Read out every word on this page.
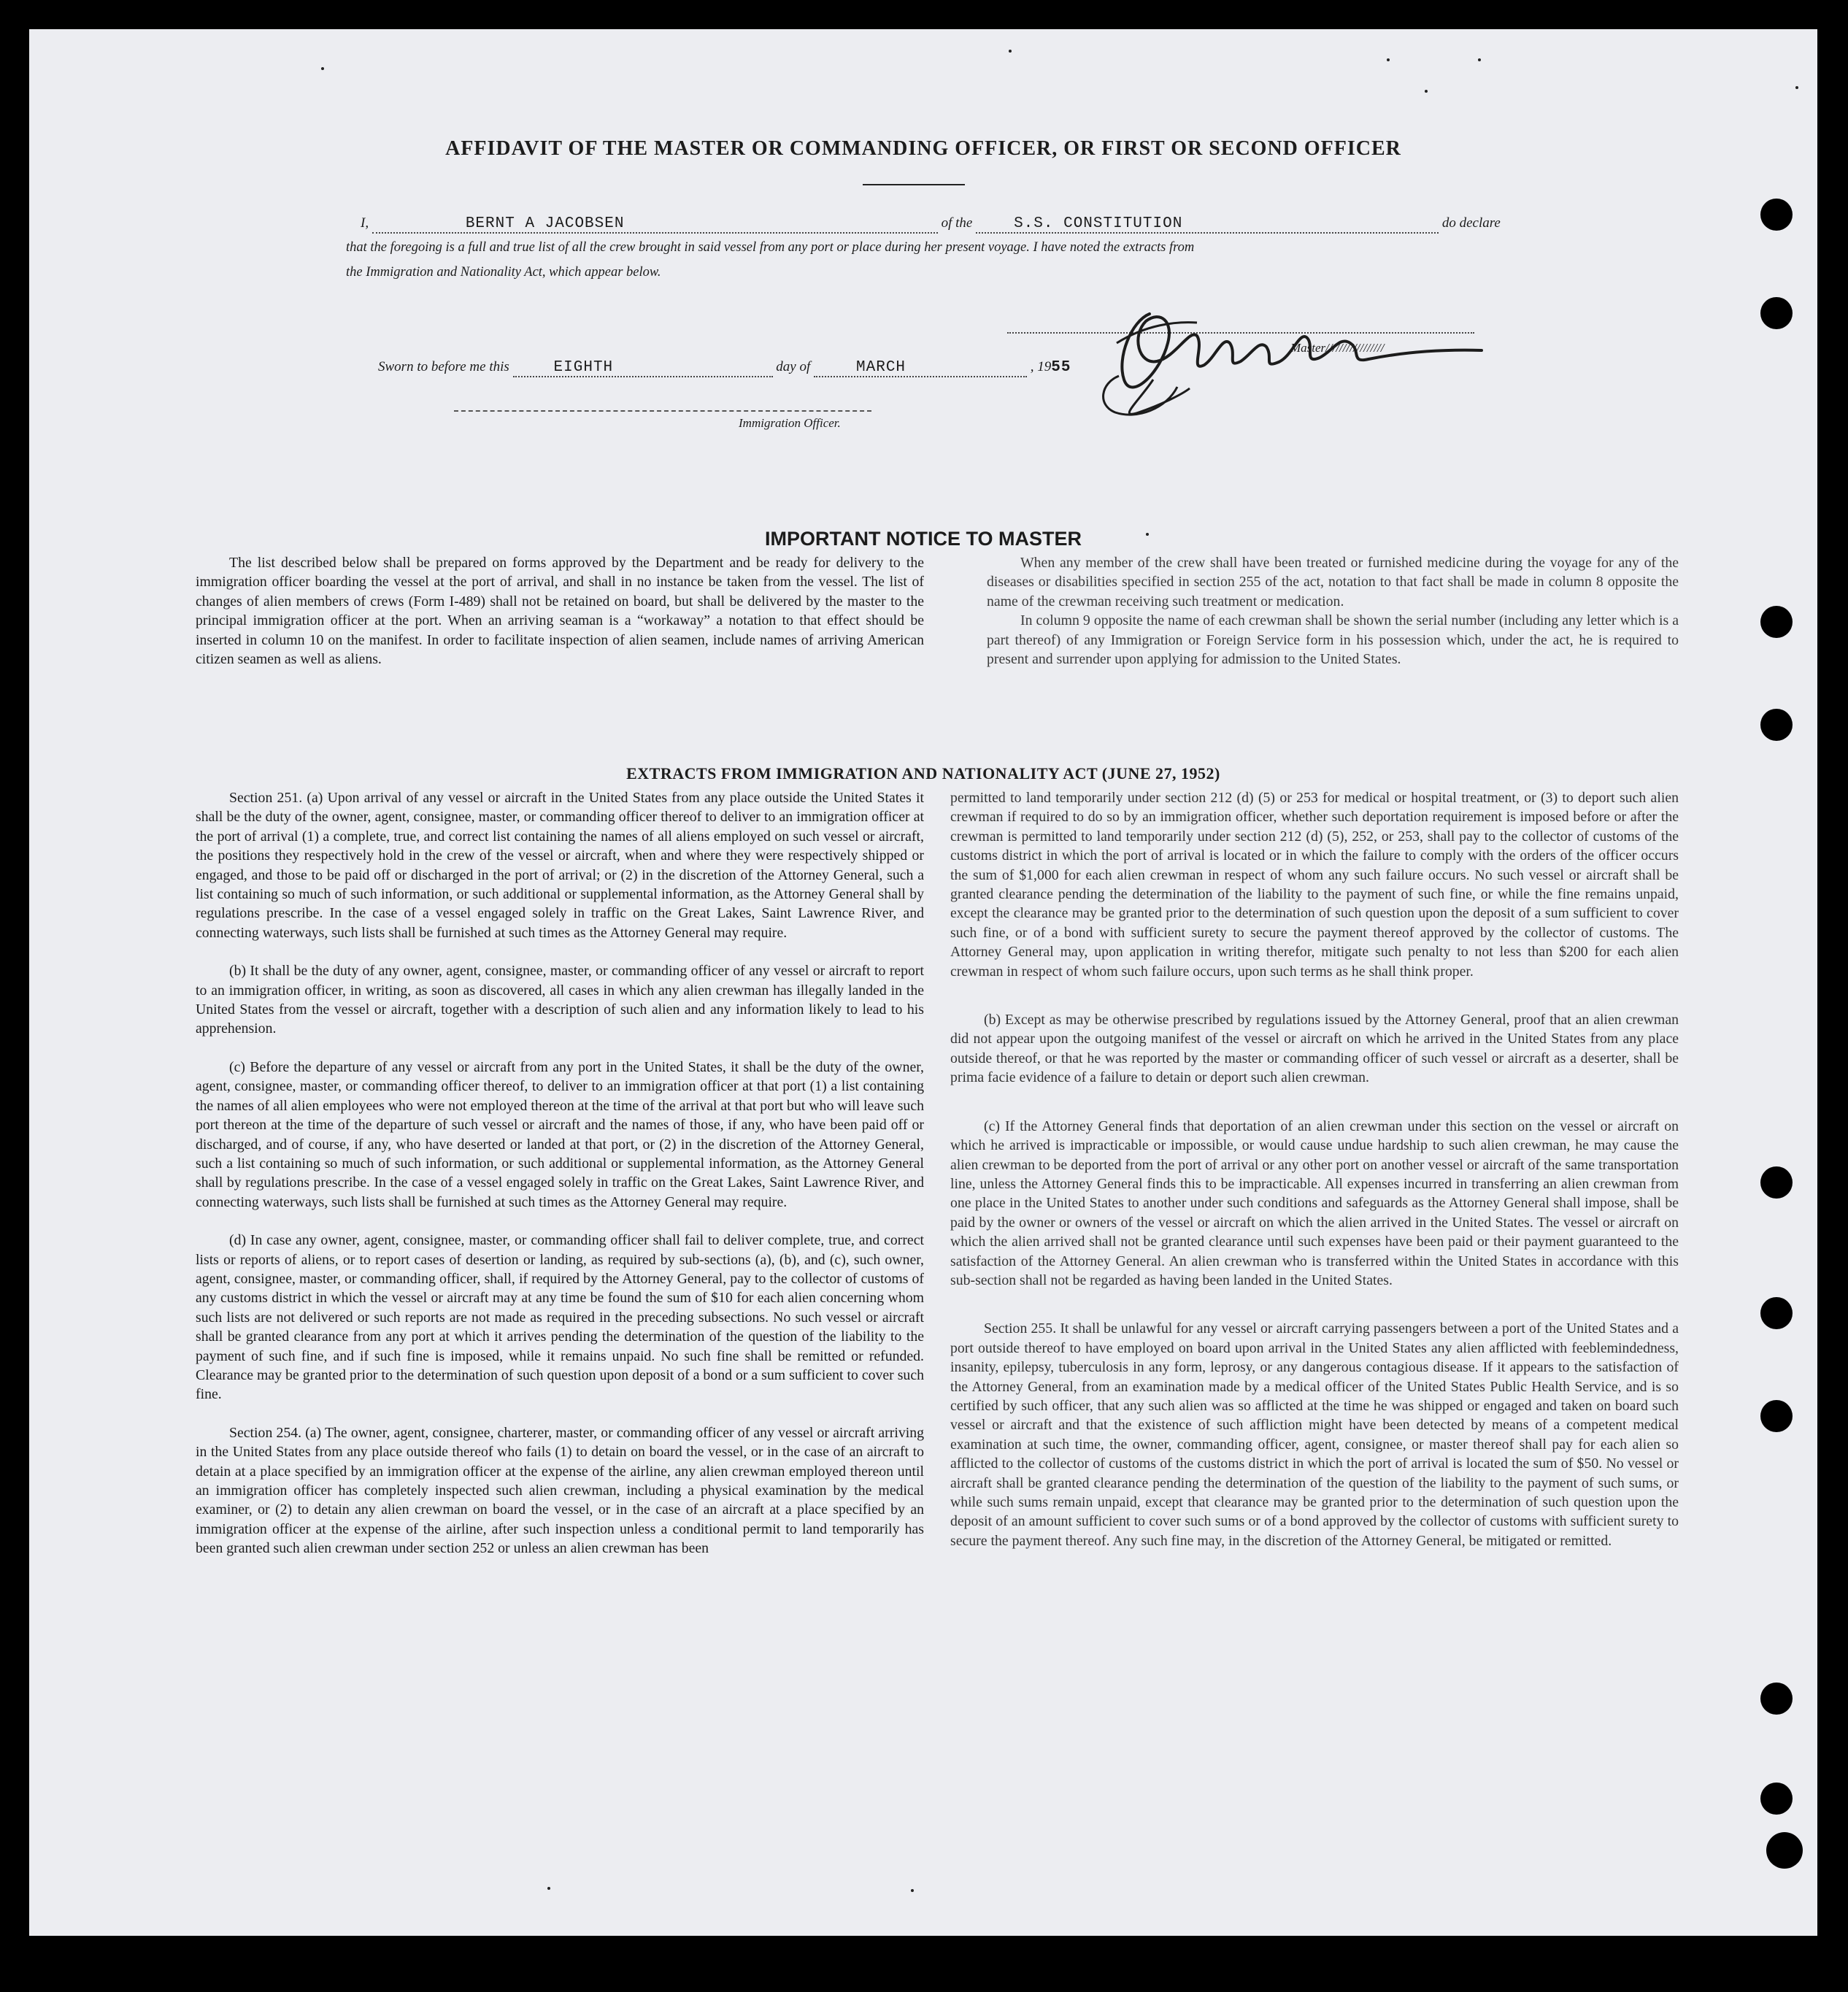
AFFIDAVIT OF THE MASTER OR COMMANDING OFFICER, OR FIRST OR SECOND OFFICER
I,	BERNT A JACOBSEN	of the	S.S. CONSTITUTION	do declare
that the foregoing is a full and true list of all the crew brought in said vessel from any port or place during her present voyage. I have noted the extracts from
the Immigration and Nationality Act, which appear below.
Master/////////////////
Sworn to before me this	EIGHTH	day of	MARCH	, 1955
Immigration Officer.
IMPORTANT NOTICE TO MASTER

The list described below shall be prepared on forms approved by the Department and be ready for delivery to the immigration officer boarding the vessel at the port of arrival, and shall in no instance be taken from the vessel. The list of changes of alien members of crews (Form I-489) shall not be retained on board, but shall be delivered by the master to the principal immigration officer at the port. When an arriving seaman is a “workaway” a notation to that effect should be inserted in column 10 on the manifest. In order to facilitate inspection of alien seamen, include names of arriving American citizen seamen as well as aliens.

When any member of the crew shall have been treated or furnished medicine during the voyage for any of the diseases or disabilities specified in section 255 of the act, notation to that fact shall be made in column 8 opposite the name of the crewman receiving such treatment or medication.

In column 9 opposite the name of each crewman shall be shown the serial number (including any letter which is a part thereof) of any Immigration or Foreign Service form in his possession which, under the act, he is required to present and surrender upon applying for admission to the United States.

EXTRACTS FROM IMMIGRATION AND NATIONALITY ACT (JUNE 27, 1952)

Section 251. (a) Upon arrival of any vessel or aircraft in the United States from any place outside the United States it shall be the duty of the owner, agent, consignee, master, or commanding officer thereof to deliver to an immigration officer at the port of arrival (1) a complete, true, and correct list containing the names of all aliens employed on such vessel or aircraft, the positions they respectively hold in the crew of the vessel or aircraft, when and where they were respectively shipped or engaged, and those to be paid off or discharged in the port of arrival; or (2) in the discretion of the Attorney General, such a list containing so much of such information, or such additional or supplemental information, as the Attorney General shall by regulations prescribe. In the case of a vessel engaged solely in traffic on the Great Lakes, Saint Lawrence River, and connecting waterways, such lists shall be furnished at such times as the Attorney General may require.

(b) It shall be the duty of any owner, agent, consignee, master, or commanding officer of any vessel or aircraft to report to an immigration officer, in writing, as soon as discovered, all cases in which any alien crewman has illegally landed in the United States from the vessel or aircraft, together with a description of such alien and any information likely to lead to his apprehension.

(c) Before the departure of any vessel or aircraft from any port in the United States, it shall be the duty of the owner, agent, consignee, master, or commanding officer thereof, to deliver to an immigration officer at that port (1) a list containing the names of all alien employees who were not employed thereon at the time of the arrival at that port but who will leave such port thereon at the time of the departure of such vessel or aircraft and the names of those, if any, who have been paid off or discharged, and of course, if any, who have deserted or landed at that port, or (2) in the discretion of the Attorney General, such a list containing so much of such information, or such additional or supplemental information, as the Attorney General shall by regulations prescribe. In the case of a vessel engaged solely in traffic on the Great Lakes, Saint Lawrence River, and connecting waterways, such lists shall be furnished at such times as the Attorney General may require.

(d) In case any owner, agent, consignee, master, or commanding officer shall fail to deliver complete, true, and correct lists or reports of aliens, or to report cases of desertion or landing, as required by sub-sections (a), (b), and (c), such owner, agent, consignee, master, or commanding officer, shall, if required by the Attorney General, pay to the collector of customs of any customs district in which the vessel or aircraft may at any time be found the sum of $10 for each alien concerning whom such lists are not delivered or such reports are not made as required in the preceding subsections. No such vessel or aircraft shall be granted clearance from any port at which it arrives pending the determination of the question of the liability to the payment of such fine, and if such fine is imposed, while it remains unpaid. No such fine shall be remitted or refunded. Clearance may be granted prior to the determination of such question upon deposit of a bond or a sum sufficient to cover such fine.

Section 254. (a) The owner, agent, consignee, charterer, master, or commanding officer of any vessel or aircraft arriving in the United States from any place outside thereof who fails (1) to detain on board the vessel, or in the case of an aircraft to detain at a place specified by an immigration officer at the expense of the airline, any alien crewman employed thereon until an immigration officer has completely inspected such alien crewman, including a physical examination by the medical examiner, or (2) to detain any alien crewman on board the vessel, or in the case of an aircraft at a place specified by an immigration officer at the expense of the airline, after such inspection unless a conditional permit to land temporarily has been granted such alien crewman under section 252 or unless an alien crewman has been

permitted to land temporarily under section 212 (d) (5) or 253 for medical or hospital treatment, or (3) to deport such alien crewman if required to do so by an immigration officer, whether such deportation requirement is imposed before or after the crewman is permitted to land temporarily under section 212 (d) (5), 252, or 253, shall pay to the collector of customs of the customs district in which the port of arrival is located or in which the failure to comply with the orders of the officer occurs the sum of $1,000 for each alien crewman in respect of whom any such failure occurs. No such vessel or aircraft shall be granted clearance pending the determination of the liability to the payment of such fine, or while the fine remains unpaid, except the clearance may be granted prior to the determination of such question upon the deposit of a sum sufficient to cover such fine, or of a bond with sufficient surety to secure the payment thereof approved by the collector of customs. The Attorney General may, upon application in writing therefor, mitigate such penalty to not less than $200 for each alien crewman in respect of whom such failure occurs, upon such terms as he shall think proper.

(b) Except as may be otherwise prescribed by regulations issued by the Attorney General, proof that an alien crewman did not appear upon the outgoing manifest of the vessel or aircraft on which he arrived in the United States from any place outside thereof, or that he was reported by the master or commanding officer of such vessel or aircraft as a deserter, shall be prima facie evidence of a failure to detain or deport such alien crewman.

(c) If the Attorney General finds that deportation of an alien crewman under this section on the vessel or aircraft on which he arrived is impracticable or impossible, or would cause undue hardship to such alien crewman, he may cause the alien crewman to be deported from the port of arrival or any other port on another vessel or aircraft of the same transportation line, unless the Attorney General finds this to be impracticable. All expenses incurred in transferring an alien crewman from one place in the United States to another under such conditions and safeguards as the Attorney General shall impose, shall be paid by the owner or owners of the vessel or aircraft on which the alien arrived in the United States. The vessel or aircraft on which the alien arrived shall not be granted clearance until such expenses have been paid or their payment guaranteed to the satisfaction of the Attorney General. An alien crewman who is transferred within the United States in accordance with this sub-section shall not be regarded as having been landed in the United States.

Section 255. It shall be unlawful for any vessel or aircraft carrying passengers between a port of the United States and a port outside thereof to have employed on board upon arrival in the United States any alien afflicted with feeblemindedness, insanity, epilepsy, tuberculosis in any form, leprosy, or any dangerous contagious disease. If it appears to the satisfaction of the Attorney General, from an examination made by a medical officer of the United States Public Health Service, and is so certified by such officer, that any such alien was so afflicted at the time he was shipped or engaged and taken on board such vessel or aircraft and that the existence of such affliction might have been detected by means of a competent medical examination at such time, the owner, commanding officer, agent, consignee, or master thereof shall pay for each alien so afflicted to the collector of customs of the customs district in which the port of arrival is located the sum of $50. No vessel or aircraft shall be granted clearance pending the determination of the question of the liability to the payment of such sums, or while such sums remain unpaid, except that clearance may be granted prior to the determination of such question upon the deposit of an amount sufficient to cover such sums or of a bond approved by the collector of customs with sufficient surety to secure the payment thereof. Any such fine may, in the discretion of the Attorney General, be mitigated or remitted.
